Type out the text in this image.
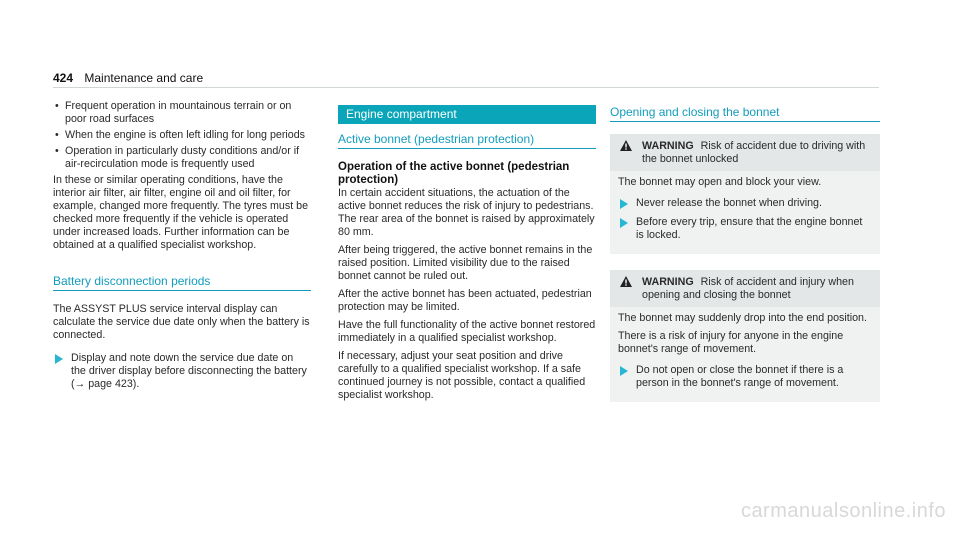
424 Maintenance and care
• Frequent operation in mountainous terrain or on poor road surfaces
• When the engine is often left idling for long periods
• Operation in particularly dusty conditions and/or if air-recirculation mode is frequently used

In these or similar operating conditions, have the interior air filter, air filter, engine oil and oil filter, for example, changed more frequently. The tyres must be checked more frequently if the vehicle is operated under increased loads. Further information can be obtained at a qualified specialist workshop.

Battery disconnection periods

The ASSYST PLUS service interval display can calculate the service due date only when the battery is connected.

Display and note down the service due date on the driver display before disconnecting the battery (→ page 423).
Engine compartment
Active bonnet (pedestrian protection)
Operation of the active bonnet (pedestrian protection)

In certain accident situations, the actuation of the active bonnet reduces the risk of injury to pedestrians. The rear area of the bonnet is raised by approximately 80 mm.

After being triggered, the active bonnet remains in the raised position. Limited visibility due to the raised bonnet cannot be ruled out.

After the active bonnet has been actuated, pedestrian protection may be limited.

Have the full functionality of the active bonnet restored immediately in a qualified specialist workshop.

If necessary, adjust your seat position and drive carefully to a qualified specialist workshop. If a safe continued journey is not possible, contact a qualified specialist workshop.

Opening and closing the bonnet
WARNING Risk of accident due to driving with the bonnet unlocked

The bonnet may open and block your view.

Never release the bonnet when driving.
Before every trip, ensure that the engine bonnet is locked.
WARNING Risk of accident and injury when opening and closing the bonnet

The bonnet may suddenly drop into the end position.

There is a risk of injury for anyone in the engine bonnet's range of movement.

Do not open or close the bonnet if there is a person in the bonnet's range of movement.
carmanualsonline.info
